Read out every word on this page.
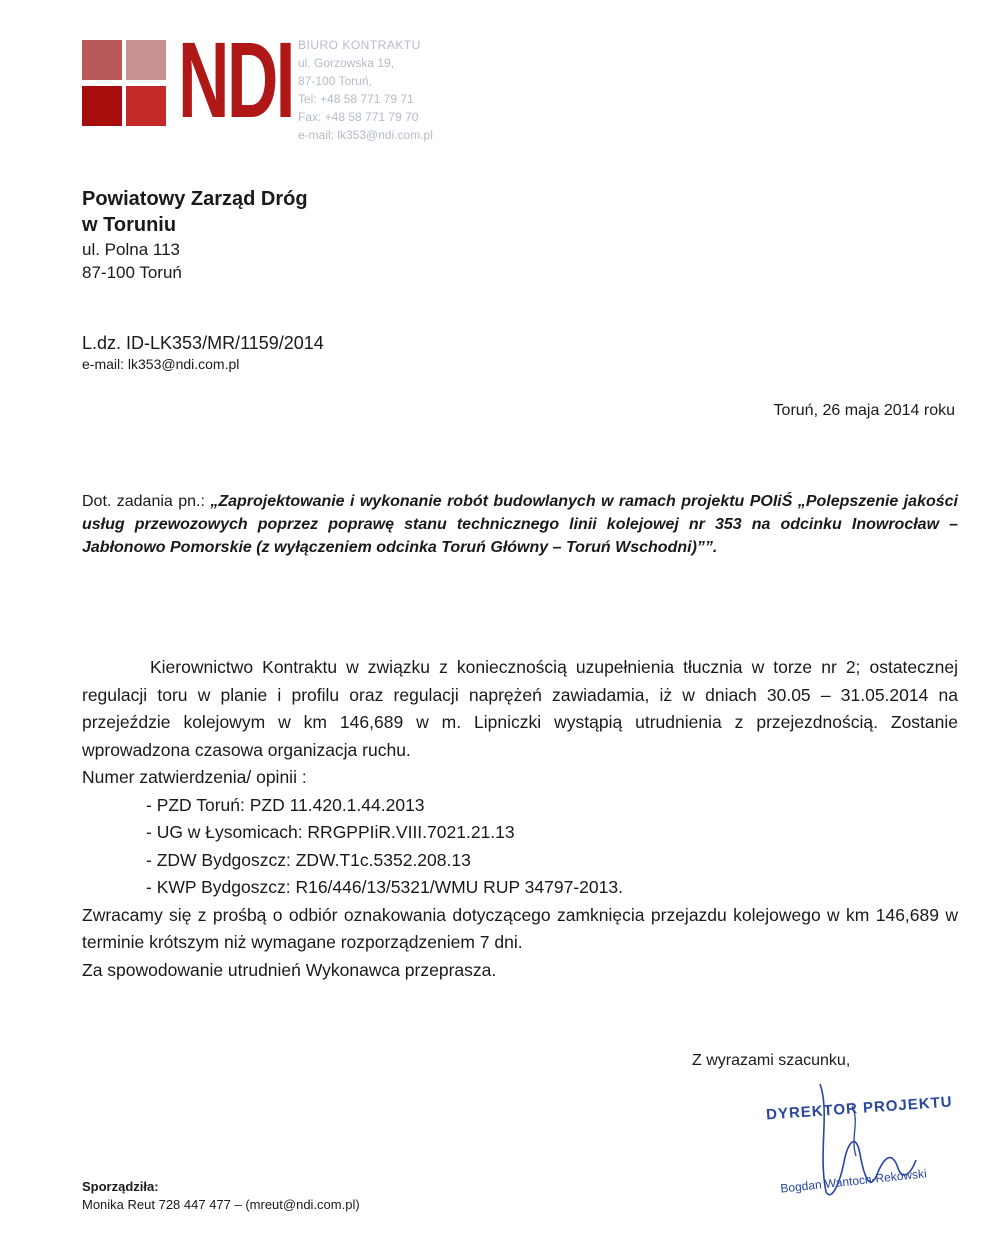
NDI BIURO KONTRAKTU
ul. Gorzowska 19,
87-100 Toruń,
Tel: +48 58 771 79 71
Fax: +48 58 771 79 70
e-mail: lk353@ndi.com.pl
Powiatowy Zarząd Dróg
w Toruniu
ul. Polna 113
87-100 Toruń
L.dz. ID-LK353/MR/1159/2014
e-mail: lk353@ndi.com.pl
Toruń, 26 maja 2014 roku
Dot. zadania pn.: „Zaprojektowanie i wykonanie robót budowlanych w ramach projektu POIiŚ „Polepszenie jakości usług przewozowych poprzez poprawę stanu technicznego linii kolejowej nr 353 na odcinku Inowrocław – Jabłonowo Pomorskie (z wyłączeniem odcinka Toruń Główny – Toruń Wschodni)””.

Kierownictwo Kontraktu w związku z koniecznością uzupełnienia tłucznia w torze nr 2; ostatecznej regulacji toru w planie i profilu oraz regulacji naprężeń zawiadamia, iż w dniach 30.05 – 31.05.2014 na przejeździe kolejowym w km 146,689 w m. Lipniczki wystąpią utrudnienia z przejezdnością. Zostanie wprowadzona czasowa organizacja ruchu.

Numer zatwierdzenia/ opinii :

- PZD Toruń: PZD 11.420.1.44.2013

- UG w Łysomicach: RRGPPIiR.VIII.7021.21.13

- ZDW Bydgoszcz: ZDW.T1c.5352.208.13

- KWP Bydgoszcz: R16/446/13/5321/WMU RUP 34797-2013.

Zwracamy się z prośbą o odbiór oznakowania dotyczącego zamknięcia przejazdu kolejowego w km 146,689 w terminie krótszym niż wymagane rozporządzeniem 7 dni.

Za spowodowanie utrudnień Wykonawca przeprasza.

Z wyrazami szacunku,
DYREKTOR PROJEKTU
Bogdan Wantoch-Rekowski
Sporządziła:
Monika Reut 728 447 477 – (mreut@ndi.com.pl)
